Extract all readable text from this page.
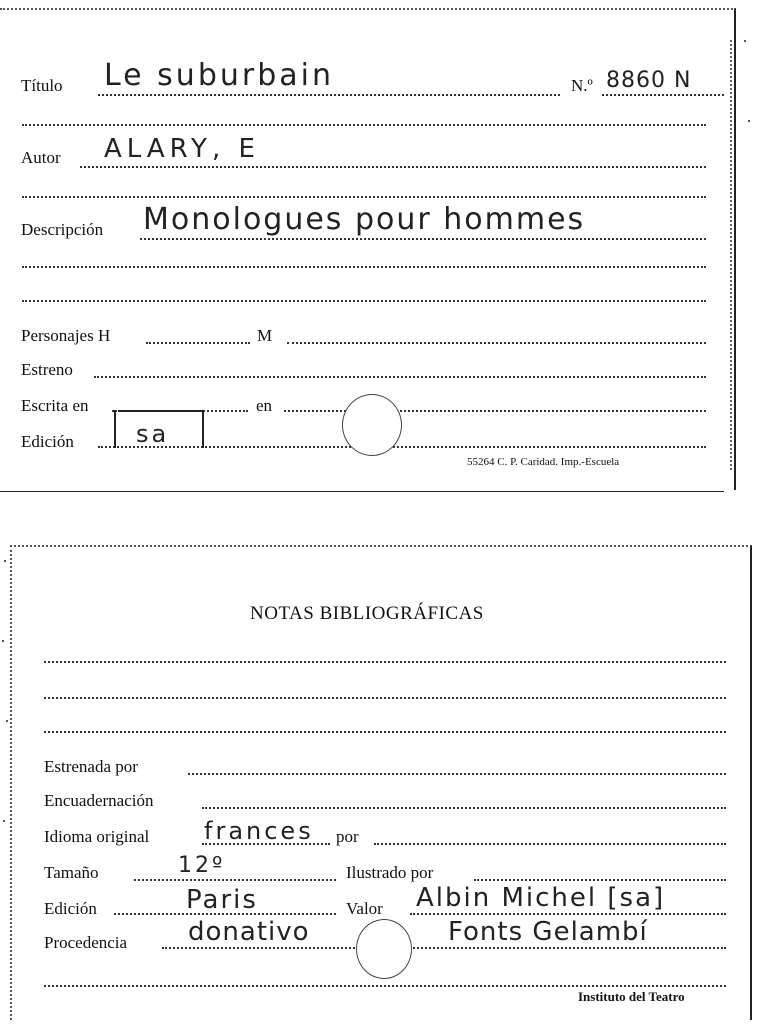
Título Le suburbain	N.º 8860 N
Autor ALARY, E
Descripción Monologues pour hommes
Personajes H	M
Estreno
Escrita en	en
Edición	sa
55264 C. P. Caridad. Imp.-Escuela
NOTAS BIBLIOGRÁFICAS
Estrenada por
Encuadernación
Idioma original frances por
Tamaño	12º	Ilustrado por
Edición	Paris	Valor Albin Michel [sa]
Procedencia donativo	Fonts Gelambí
Instituto del Teatro
